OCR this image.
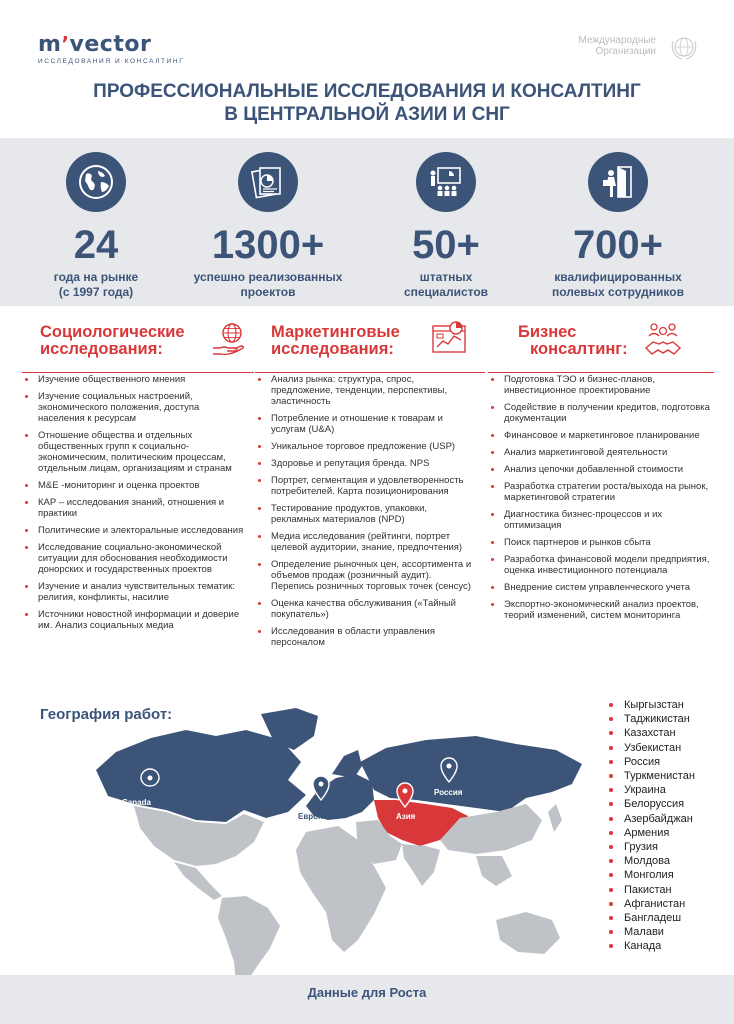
m’vector
ИССЛЕДОВАНИЯ И КОНСАЛТИНГ
Международные
Организации
ПРОФЕССИОНАЛЬНЫЕ ИССЛЕДОВАНИЯ И КОНСАЛТИНГ
В ЦЕНТРАЛЬНОЙ АЗИИ И СНГ
24
года на рынке
(с 1997 года)
1300+
успешно реализованных
проектов
50+
штатных
специалистов
700+
квалифицированных
полевых сотрудников
Социологические
исследования:
Изучение общественного мнения
Изучение социальных настроений, экономического положения, доступа населения к ресурсам
Отношение общества и отдельных общественных групп к социально-экономическим, политическим процессам, отдельным лицам, организациям и странам
M&E -мониторинг и оценка проектов
КАР – исследования знаний, отношения и практики
Политические и электоральные исследования
Исследование социально-экономической ситуации для обоснования необходимости донорских и государственных проектов
Изучение и анализ чувствительных тематик: религия, конфликты, насилие
Источники новостной информации и доверие им. Анализ социальных медиа
Маркетинговые
исследования:
Анализ рынка: структура, спрос, предложение, тенденции, перспективы, эластичность
Потребление и отношение к товарам и услугам (U&A)
Уникальное торговое предложение (USP)
Здоровье и репутация бренда. NPS
Портрет, сегментация и удовлетворенность потребителей. Карта позиционирования
Тестирование продуктов, упаковки, рекламных материалов (NPD)
Медиа исследования (рейтинги, портрет целевой аудитории, знание, предпочтения)
Определение рыночных цен, ассортимента и объемов продаж (розничный аудит). Перепись розничных торговых точек (сенсус)
Оценка качества обслуживания («Тайный покупатель»)
Исследования в области управления персоналом
Бизнес
консалтинг:
Подготовка ТЭО и бизнес-планов, инвестиционное проектирование
Содействие в получении кредитов, подготовка документации
Финансовое и маркетинговое планирование
Анализ маркетинговой деятельности
Анализ цепочки добавленной стоимости
Разработка стратегии роста/выхода на рынок, маркетинговой стратегии
Диагностика бизнес-процессов и их оптимизация
Поиск партнеров и рынков сбыта
Разработка финансовой модели предприятия, оценка инвестиционного потенциала
Внедрение систем управленческого учета
Экспортно-экономический анализ проектов, теорий изменений, систем мониторинга
География работ:
Canada
Европа	Азия
Россия
Кыргызстан
Таджикистан
Казахстан
Узбекистан
Россия
Туркменистан
Украина
Белоруссия
Азербайджан
Армения
Грузия
Молдова
Монголия
Пакистан
Афганистан
Бангладеш
Малави
Канада
Данные для Роста
